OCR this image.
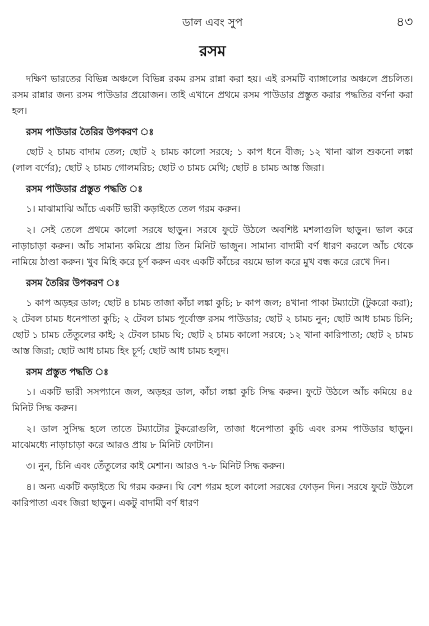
ডাল এবং সুপ	৪৩
রসম

দক্ষিণ ভারতের বিভিন্ন অঞ্চলে বিভিন্ন রকম রসম রান্না করা হয়। এই রসমটি ব্যাঙ্গালোর অঞ্চলে প্রচলিত। রসম রান্নার জন্য রসম পাউডার প্রয়োজন। তাই এখানে প্রথমে রসম পাউডার প্রস্তুত করার পদ্ধতির বর্ণনা করা হল।

রসম পাউডার তৈরির উপকরণ ঃ

ছোট ২ চামচ বাদাম তেল; ছোট ২ চামচ কালো সরষে; ১ কাপ ধনে বীজ; ১২ খানা ঝাল শুকনো লঙ্কা (লাল বর্ণের); ছোট ২ চামচ গোলমরিচ; ছোট ৩ চামচ মেথি; ছোট ৪ চামচ আস্ত জিরা।

রসম পাউডার প্রস্তুত পদ্ধতি ঃ

১। মাঝামাঝি আঁচে একটি ভারী কড়াইতে তেল গরম করুন।

২। সেই তেলে প্রথমে কালো সরষে ছাড়ুন। সরষে ফুটে উঠলে অবশিষ্ট মশলাগুলি ছাড়ুন। ভাল করে নাড়াচাড়া করুন। আঁচ সামান্য কমিয়ে প্রায় তিন মিনিট ভাজুন। সামান্য বাদামী বর্ণ ধারণ করলে আঁচ থেকে নামিয়ে ঠাণ্ডা করুন। খুব মিহি করে চূর্ণ করুন এবং একটি কাঁচের বয়মে ভাল করে মুখ বন্ধ করে রেখে দিন।

রসম তৈরির উপকরণ ঃ

১ কাপ অড়হর ডাল; ছোট ৪ চামচ তাজা কাঁচা লঙ্কা কুচি; ৮ কাপ জল; ৪খানা পাকা টম্যাটো (টুকরো করা); ২ টেবল চামচ ধনেপাতা কুচি; ২ টেবল চামচ পূর্বোক্ত রসম পাউডার; ছোট ২ চামচ নুন; ছোট আধ চামচ চিনি; ছোট ১ চামচ তেঁতুলের কাই; ২ টেবল চামচ ঘি; ছোট ২ চামচ কালো সরষে; ১২ খানা কারিপাতা; ছোট ২ চামচ আস্ত জিরা; ছোট আধ চামচ হিং চূর্ণ; ছোট আধ চামচ হলুদ।

রসম প্রস্তুত পদ্ধতি ঃ

১। একটি ভারী সসপ্যানে জল, অড়হর ডাল, কাঁচা লঙ্কা কুচি সিদ্ধ করুন। ফুটে উঠলে আঁচ কমিয়ে ৪৫ মিনিট সিদ্ধ করুন।

২। ডাল সুসিদ্ধ হলে তাতে টম্যাটোর টুকরোগুলি, তাজা ধনেপাতা কুচি এবং রসম পাউডার ছাড়ুন। মাঝেমধ্যে নাড়াচাড়া করে আরও প্রায় ৮ মিনিট ফোটান।

৩। নুন, চিনি এবং তেঁতুলের কাই মেশান। আরও ৭-৮ মিনিট সিদ্ধ করুন।

৪। অন্য একটি কড়াইতে ঘি গরম করুন। ঘি বেশ গরম হলে কালো সরষের ফোড়ন দিন। সরষে ফুটে উঠলে কারিপাতা এবং জিরা ছাড়ুন। একটু বাদামী বর্ণ ধারণ
